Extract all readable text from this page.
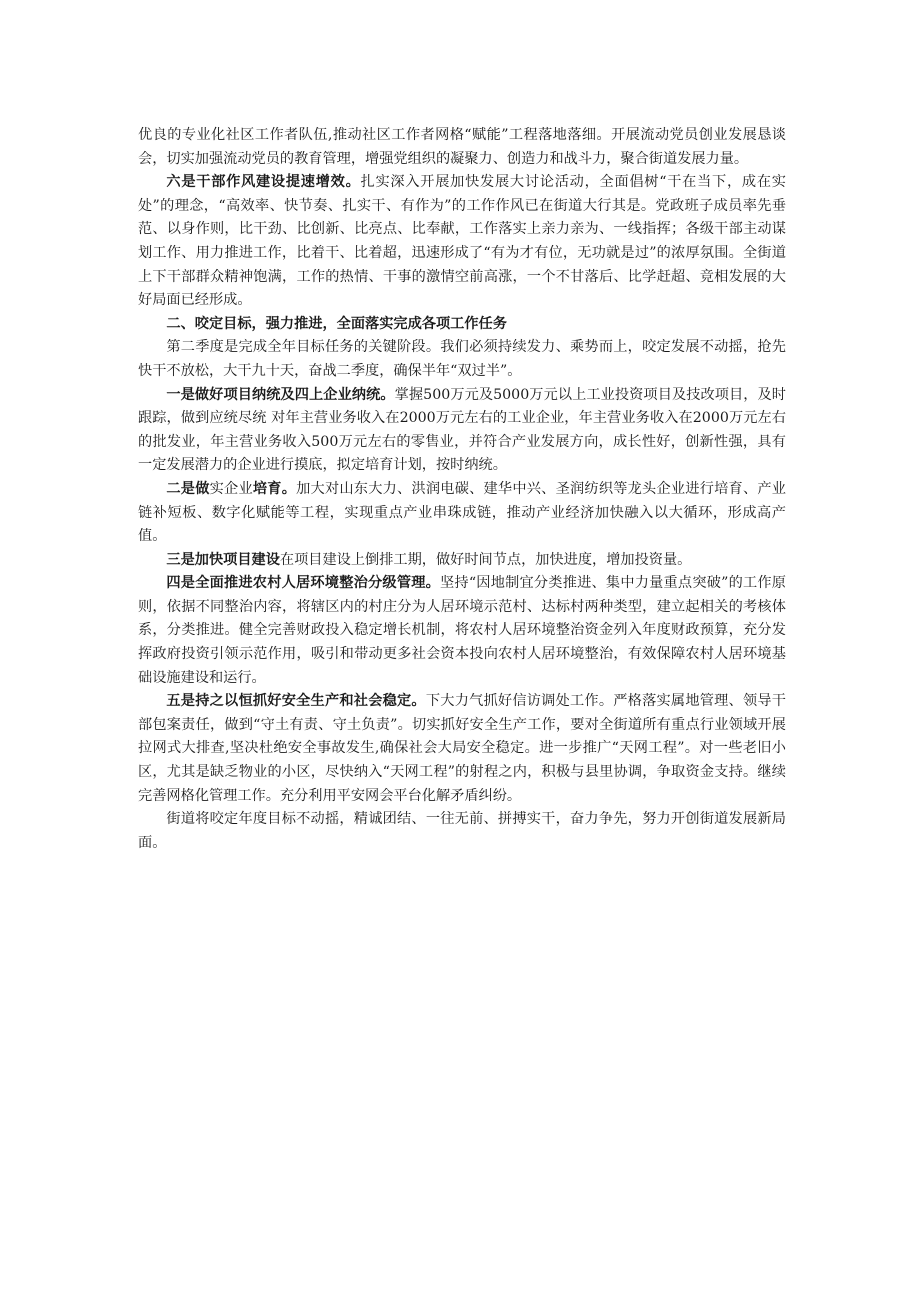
优良的专业化社区工作者队伍,推动社区工作者网格“赋能”工程落地落细。开展流动党员创业发展恳谈会，切实加强流动党员的教育管理，增强党组织的凝聚力、创造力和战斗力，聚合街道发展力量。

六是干部作风建设提速增效。扎实深入开展加快发展大讨论活动，全面倡树“干在当下，成在实处”的理念，“高效率、快节奏、扎实干、有作为”的工作作风已在街道大行其是。党政班子成员率先垂范、以身作则，比干劲、比创新、比亮点、比奉献，工作落实上亲力亲为、一线指挥；各级干部主动谋划工作、用力推进工作，比着干、比着超，迅速形成了“有为才有位，无功就是过”的浓厚氛围。全街道上下干部群众精神饱满，工作的热情、干事的激情空前高涨，一个不甘落后、比学赶超、竞相发展的大好局面已经形成。

二、咬定目标，强力推进，全面落实完成各项工作任务

第二季度是完成全年目标任务的关键阶段。我们必须持续发力、乘势而上，咬定发展不动摇，抢先快干不放松，大干九十天，奋战二季度，确保半年“双过半”。

一是做好项目纳统及四上企业纳统。掌握500万元及5000万元以上工业投资项目及技改项目，及时跟踪，做到应统尽统 对年主营业务收入在2000万元左右的工业企业，年主营业务收入在2000万元左右的批发业，年主营业务收入500万元左右的零售业，并符合产业发展方向，成长性好，创新性强，具有一定发展潜力的企业进行摸底，拟定培育计划，按时纳统。

二是做实企业培育。加大对山东大力、洪润电碳、建华中兴、圣润纺织等龙头企业进行培育、产业链补短板、数字化赋能等工程，实现重点产业串珠成链，推动产业经济加快融入以大循环，形成高产值。

三是加快项目建设在项目建设上倒排工期，做好时间节点，加快进度，增加投资量。

四是全面推进农村人居环境整治分级管理。坚持“因地制宜分类推进、集中力量重点突破”的工作原则，依据不同整治内容，将辖区内的村庄分为人居环境示范村、达标村两种类型，建立起相关的考核体系，分类推进。健全完善财政投入稳定增长机制，将农村人居环境整治资金列入年度财政预算，充分发挥政府投资引领示范作用，吸引和带动更多社会资本投向农村人居环境整治，有效保障农村人居环境基础设施建设和运行。

五是持之以恒抓好安全生产和社会稳定。下大力气抓好信访调处工作。严格落实属地管理、领导干部包案责任，做到“守土有责、守土负责”。切实抓好安全生产工作，要对全街道所有重点行业领域开展拉网式大排查,坚决杜绝安全事故发生,确保社会大局安全稳定。进一步推广“天网工程”。对一些老旧小区，尤其是缺乏物业的小区，尽快纳入“天网工程”的射程之内，积极与县里协调，争取资金支持。继续完善网格化管理工作。充分利用平安网会平台化解矛盾纠纷。

街道将咬定年度目标不动摇，精诚团结、一往无前、拼搏实干，奋力争先，努力开创街道发展新局面。
